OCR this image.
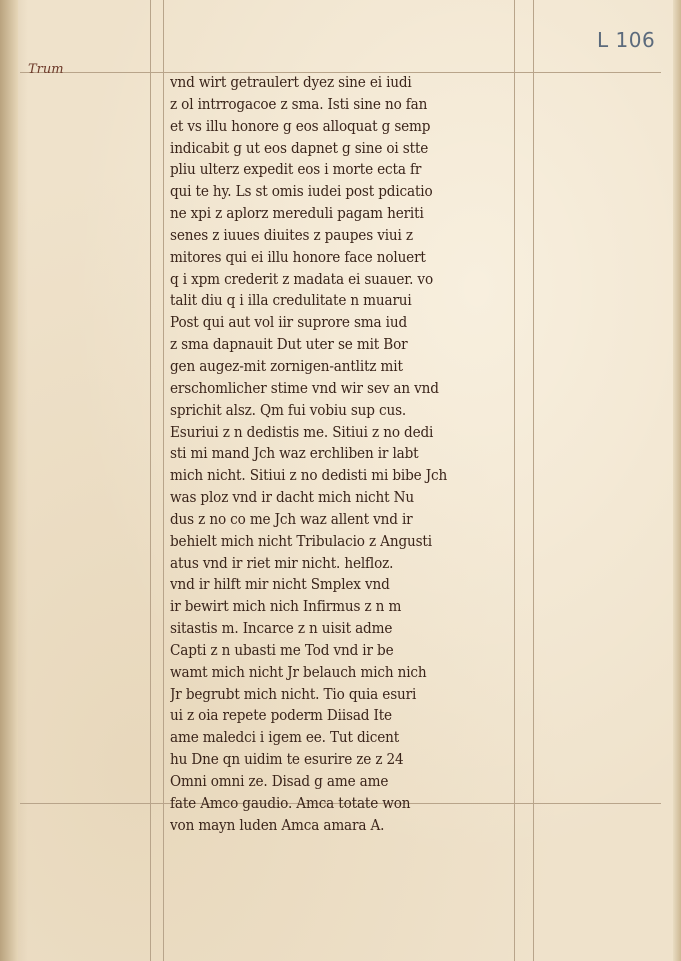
L 106
Trum
vnd wirt getraulert dyez sine ei iudi
z ol intrrogacoe z sma. Isti sine no fan
et vs illu honore g eos alloquat g semp
indicabit g ut eos dapnet g sine oi stte
pliu ulterz expedit eos i morte ecta fr
qui te hy. Ls st omis iudei post pdicatio
ne xpi z aplorz mereduli pagam heriti
senes z iuues diuites z paupes viui z
mitores qui ei illu honore face noluert
q i xpm crederit z madata ei suauer. vo
talit diu q i illa credulitate n muarui
Post qui aut vol iir suprore sma iud
z sma dapnauit Dut uter se mit Bor
gen augez-mit zornigen-antlitz mit
erschomlicher stime vnd wir sev an vnd
sprichit alsz. Qm fui vobiu sup cus.
Esuriui z n dedistis me. Sitiui z no dedi
sti mi mand Jch waz erchliben ir labt
mich nicht. Sitiui z no dedisti mi bibe Jch
was ploz vnd ir dacht mich nicht Nu
dus z no co me Jch waz allent vnd ir
behielt mich nicht Tribulacio z Angusti
atus vnd ir riet mir nicht. helfloz.
vnd ir hilft mir nicht Smplex vnd
ir bewirt mich nich Infirmus z n m
sitastis m. Incarce z n uisit adme
Capti z n ubasti me Tod vnd ir be
wamt mich nicht Jr belauch mich nich
Jr begrubt mich nicht. Tio quia esuri
ui z oia repete poderm Diisad Ite
ame maledci i igem ee. Tut dicent
hu Dne qn uidim te esurire ze z 24
Omni omni ze. Disad g ame ame
fate Amco gaudio. Amca totate won
von mayn luden Amca amara A.
